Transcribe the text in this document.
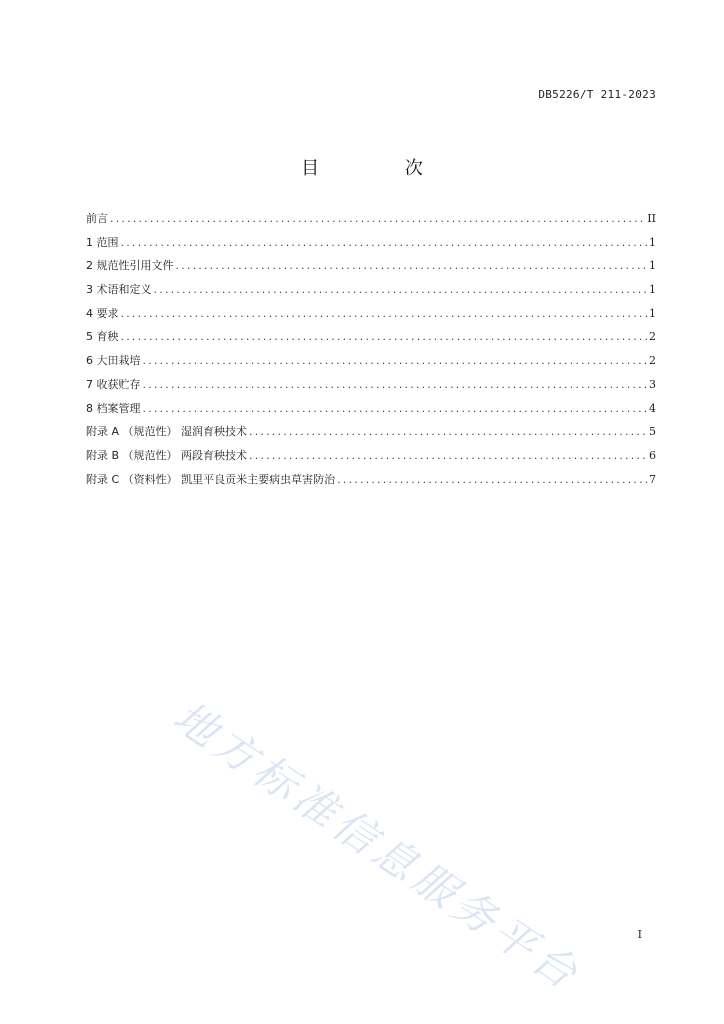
DB5226/T 211-2023
目 次
前言 .....	II
1 范围 .....	1
2 规范性引用文件 .....	1
3 术语和定义 .....	1
4 要求 .....	1
5 育秧 .....	2
6 大田栽培 .....	2
7 收获贮存 .....	3
8 档案管理 .....	4
附录 A （规范性） 湿润育秧技术 .....	5
附录 B （规范性） 两段育秧技术 .....	6
附录 C （资料性） 凯里平良贡米主要病虫草害防治 .....	7
地方标准信息服务平台	I
